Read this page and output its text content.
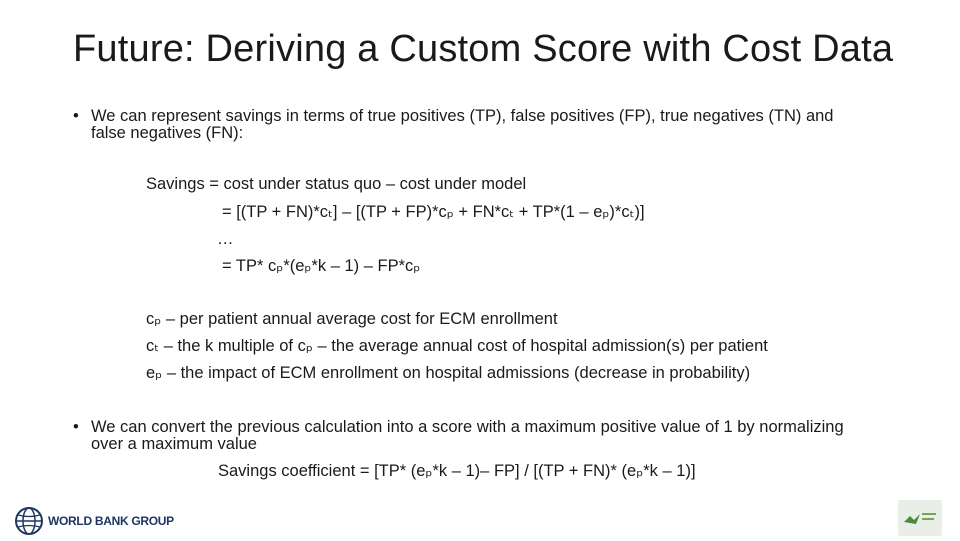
Future: Deriving a Custom Score with Cost Data
• We can represent savings in terms of true positives (TP), false positives (FP), true negatives (TN) and false negatives (FN):
Savings = cost under status quo – cost under model
= [(TP + FN)*cₜ] – [(TP + FP)*cₚ + FN*cₜ + TP*(1 – eₚ)*cₜ)]
…
= TP* cₚ*(eₚ*k – 1) – FP*cₚ
cₚ – per patient annual average cost for ECM enrollment
cₜ – the k multiple of cₚ – the average annual cost of hospital admission(s) per patient
eₚ – the impact of ECM enrollment on hospital admissions (decrease in probability)
• We can convert the previous calculation into a score with a maximum positive value of 1 by normalizing over a maximum value
Savings coefficient = [TP* (eₚ*k – 1)– FP] / [(TP + FN)* (eₚ*k – 1)]
WORLD BANK GROUP
